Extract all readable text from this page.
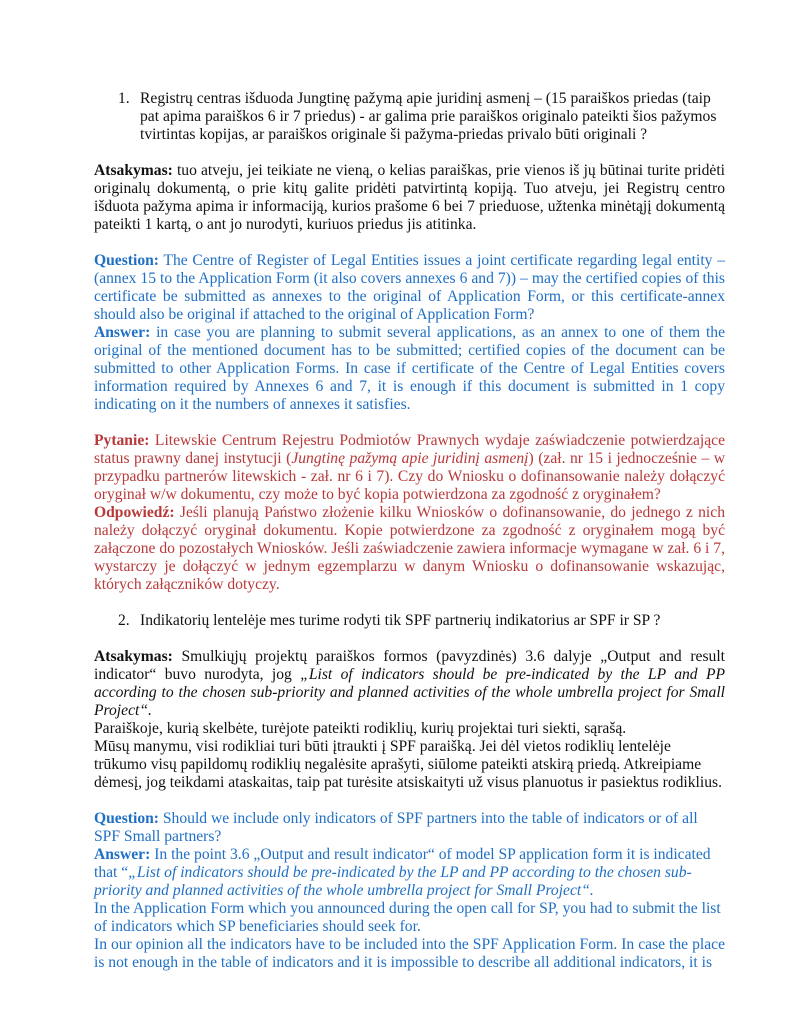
1. Registrų centras išduoda Jungtinę pažymą apie juridinį asmenį – (15 paraiškos priedas (taip pat apima paraiškos 6 ir 7 priedus) - ar galima prie paraiškos originalo pateikti šios pažymos tvirtintas kopijas, ar paraiškos originale ši pažyma-priedas privalo būti originali ?

Atsakymas: tuo atveju, jei teikiate ne vieną, o kelias paraiškas, prie vienos iš jų būtinai turite pridėti originalų dokumentą, o prie kitų galite pridėti patvirtintą kopiją. Tuo atveju, jei Registrų centro išduota pažyma apima ir informaciją, kurios prašome 6 bei 7 prieduose, užtenka minėtąjį dokumentą pateikti 1 kartą, o ant jo nurodyti, kuriuos priedus jis atitinka.

Question: The Centre of Register of Legal Entities issues a joint certificate regarding legal entity – (annex 15 to the Application Form (it also covers annexes 6 and 7)) – may the certified copies of this certificate be submitted as annexes to the original of Application Form, or this certificate-annex should also be original if attached to the original of Application Form?

Answer: in case you are planning to submit several applications, as an annex to one of them the original of the mentioned document has to be submitted; certified copies of the document can be submitted to other Application Forms. In case if certificate of the Centre of Legal Entities covers information required by Annexes 6 and 7, it is enough if this document is submitted in 1 copy indicating on it the numbers of annexes it satisfies.

Pytanie: Litewskie Centrum Rejestru Podmiotów Prawnych wydaje zaświadczenie potwierdzające status prawny danej instytucji (Jungtinę pažymą apie juridinį asmenį) (zał. nr 15 i jednocześnie – w przypadku partnerów litewskich - zał. nr 6 i 7). Czy do Wniosku o dofinansowanie należy dołączyć oryginał w/w dokumentu, czy może to być kopia potwierdzona za zgodność z oryginałem?

Odpowiedź: Jeśli planują Państwo złożenie kilku Wniosków o dofinansowanie, do jednego z nich należy dołączyć oryginał dokumentu. Kopie potwierdzone za zgodność z oryginałem mogą być załączone do pozostałych Wniosków. Jeśli zaświadczenie zawiera informacje wymagane w zał. 6 i 7, wystarczy je dołączyć w jednym egzemplarzu w danym Wniosku o dofinansowanie wskazując, których załączników dotyczy.

2. Indikatorių lentelėje mes turime rodyti tik SPF partnerių indikatorius ar SPF ir SP ?

Atsakymas: Smulkiųjų projektų paraiškos formos (pavyzdinės) 3.6 dalyje „Output and result indicator“ buvo nurodyta, jog „List of indicators should be pre-indicated by the LP and PP according to the chosen sub-priority and planned activities of the whole umbrella project for Small Project“.

Paraiškoje, kurią skelbėte, turėjote pateikti rodiklių, kurių projektai turi siekti, sąrašą.

Mūsų manymu, visi rodikliai turi būti įtraukti į SPF paraišką. Jei dėl vietos rodiklių lentelėje trūkumo visų papildomų rodiklių negalėsite aprašyti, siūlome pateikti atskirą priedą. Atkreipiame dėmesį, jog teikdami ataskaitas, taip pat turėsite atsiskaityti už visus planuotus ir pasiektus rodiklius.

Question: Should we include only indicators of SPF partners into the table of indicators or of all SPF Small partners?

Answer: In the point 3.6 „Output and result indicator“ of model SP application form it is indicated that “„List of indicators should be pre-indicated by the LP and PP according to the chosen sub-priority and planned activities of the whole umbrella project for Small Project“.

In the Application Form which you announced during the open call for SP, you had to submit the list of indicators which SP beneficiaries should seek for.

In our opinion all the indicators have to be included into the SPF Application Form. In case the place is not enough in the table of indicators and it is impossible to describe all additional indicators, it is
